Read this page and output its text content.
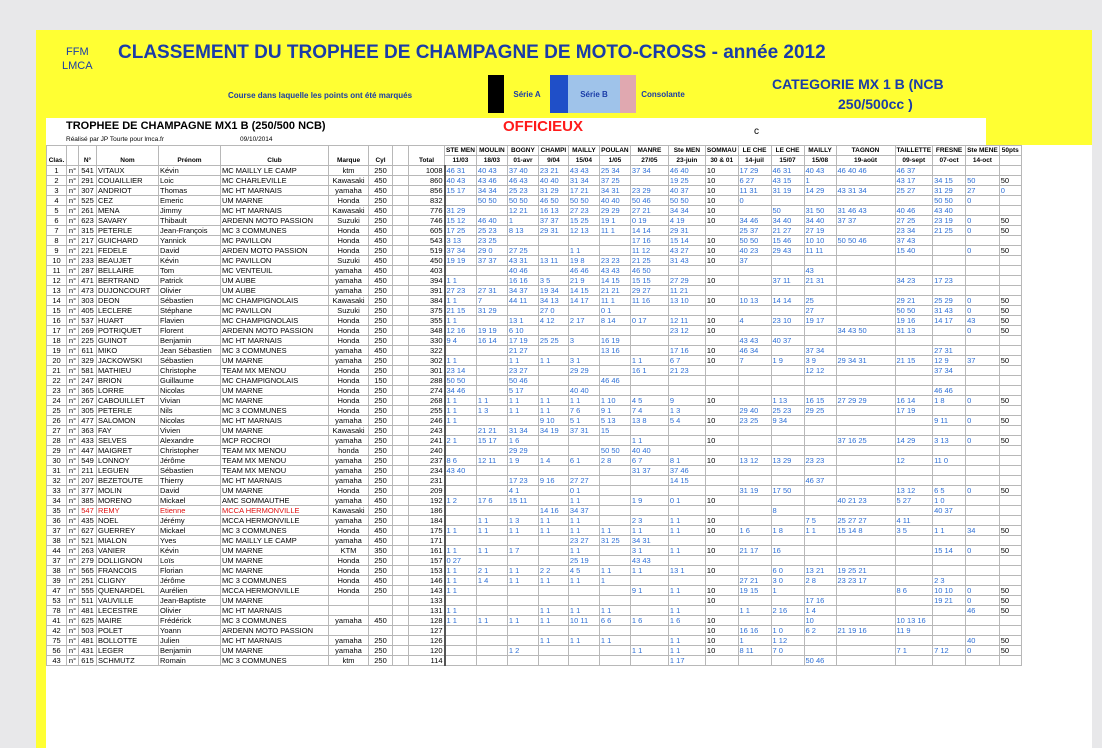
FFM
LMCA
CLASSEMENT DU TROPHEE DE CHAMPAGNE DE MOTO-CROSS - année 2012
Course dans laquelle les points ont été marqués	Série A	Série B	Consolante
CATEGORIE MX 1 B (NCB
250/500cc )
TROPHEE DE CHAMPAGNE MX1 B (250/500 NCB)
Réalisé par JP Tourte pour lmca.fr	09/10/2014
OFFICIEUX	c
Clas.		N°	Nom	Prénom	Club	Marque	Cyl		Total	STE MEN	MOULIN	BOGNY	CHAMPI	MAILLY	POULAN	MANRE	Ste MEN	SOMMAU	LE CHE	LE CHE	MAILLY	TAGNON	TAILLETTE	FRESNE	Ste MENE	50pts
										11/03	18/03	01-avr	9/04	15/04	1/05	27/05	23-juin	30 & 01	14-juil	15/07	15/08	19-août	09-sept	07-oct	14-oct	
1	n°	541	VITAUX	Kévin	MC MAILLY LE CAMP	ktm	250		1008	46 31	40 43	37 40	23 21	43 43	25 34	37 34	46 40	10	17 29	46 31	40 43	46 40 46	46 37			
2	n°	291	COUAILLIER	Loic	MC CHARLEVILLE	Kawasaki	450		860	40 43	43 46	46 43	40 40	31 34	37 25		19 25	10	6 27	43 15	1		43 17	34 15	50	50
3	n°	307	ANDRIOT	Thomas	MC HT MARNAIS	yamaha	450		856	15 17	34 34	25 23	31 29	17 21	34 31	23 29	40 37	10	11 31	31 19	14 29	43 31 34	25 27	31 29	27	0
4	n°	525	CEZ	Emeric	UM MARNE	Honda	250		832		50 50	50 50	46 50	50 50	40 40	50 46	50 50	10	0					50 50	0	
5	n°	261	MENA	Jimmy	MC HT MARNAIS	Kawasaki	450		776	31 29		12 21	16 13	27 23	29 29	27 21	34 34	10		50	31 50	31 46 43	40 46	43 40		
6	n°	623	SAVARY	Thibault	ARDENN MOTO PASSION	Suzuki	250		746	15 12	46 40	1	37 37	15 25	19 1	0 19	4 19	10	34 46	34 40	34 40	37 37	27 25	23 19	0	50
7	n°	315	PETERLE	Jean-François	MC 3 COMMUNES	Honda	450		605	17 25	25 23	8 13	29 31	12 13	11 1	14 14	29 31		25 37	21 27	27 19		23 34	21 25	0	50
8	n°	217	GUICHARD	Yannick	MC PAVILLON	Honda	450		543	3 13	23 25					17 16	15 14	10	50 50	15 46	10 10	50 50 46	37 43			
9	n°	221	FEDELE	David	ARDEN MOTO PASSION	Honda	250		519	37 34	29 0	27 25		1 1		11 12	43 27	10	40 23	29 43	11 11		15 40		0	50
10	n°	233	BEAUJET	Kévin	MC PAVILLON	Suzuki	450		450	19 19	37 37	43 31	13 11	19 8	23 23	21 25	31 43	10	37							
11	n°	287	BELLAIRE	Tom	MC VENTEUIL	yamaha	450		403			40 46		46 46	43 43	46 50					43					
12	n°	471	BERTRAND	Patrick	UM AUBE	yamaha	450		394	1 1		16 16	3 5	21 9	14 15	15 15	27 29	10		37 11	21 31		34 23	17 23		
13	n°	473	DUJONCOURT	Olivier	UM AUBE	yamaha	250		391	27 23	27 31	34 37	19 34	14 15	21 21	29 27	11 21									
14	n°	303	DEON	Sébastien	MC CHAMPIGNOLAIS	Kawasaki	250		384	1 1	7	44 11	34 13	14 17	11 1	11 16	13 10	10	10 13	14 14	25		29 21	25 29	0	50
15	n°	405	LECLERE	Stéphane	MC PAVILLON	Suzuki	250		375	21 15	31 29		27 0		0 1						27		50 50	31 43	0	50
16	n°	537	HUART	Flavien	MC CHAMPIGNOLAIS	Honda	250		355	1 1		13 1	4 12	2 17	8 14	0 17	12 11	10	4	23 10	19 17		19 16	14 17	43	50
17	n°	269	POTRIQUET	Florent	ARDENN MOTO PASSION	Honda	250		348	12 16	19 19	6 10					23 12	10				34 43 50	31 13		0	50
18	n°	225	GUINOT	Benjamin	MC HT MARNAIS	Honda	250		330	9 4	16 14	17 19	25 25	3	16 19				43 43	40 37						
19	n°	611	MIKO	Jean Sébastien	MC 3 COMMUNES	yamaha	450		322			21 27			13 16		17 16	10	46 34		37 34			27 31		
20	n°	329	JACKOWSKI	Sébastien	UM MARNE	yamaha	250		302	1 1		1 1	1 1	3 1		1 1	6 7	10	7	1 9	3 9	29 34 31	21 15	12 9	37	50
21	n°	581	MATHIEU	Christophe	TEAM MX MENOU	Honda	250		301	23 14		23 27		29 29		16 1	21 23				12 12			37 34		
22	n°	247	BRION	Guillaume	MC CHAMPIGNOLAIS	Honda	150		288	50 50		50 46			46 46											
23	n°	365	LORRE	Nicolas	UM MARNE	Honda	250		274	34 46		5 17		40 40										46 46		
24	n°	267	CABOUILLET	Vivian	MC MARNE	Honda	250		268	1 1	1 1	1 1	1 1	1 1	1 10	4 5	9	10		1 13	16 15	27 29 29	16 14	1 8	0	50
25	n°	305	PETERLE	Nils	MC 3 COMMUNES	Honda	250		255	1 1	1 3	1 1	1 1	7 6	9 1	7 4	1 3		29 40	25 23	29 25		17 19			
26	n°	477	SALOMON	Nicolas	MC HT MARNAIS	yamaha	250		246	1 1			9 10	5 1	5 13	13 8	5 4	10	23 25	9 34				9 11	0	50
27	n°	363	FAY	Vivien	UM MARNE	Kawasaki	250		243		21 21	31 34	34 19	37 31	15											
28	n°	433	SELVES	Alexandre	MCP ROCROI	yamaha	250		241	2 1	15 17	1 6				1 1		10				37 16 25	14 29	3 13	0	50
29	n°	447	MAIGRET	Christopher	TEAM MX MENOU	honda	250		240			29 29			50 50	40 40										
30	n°	549	LONNOY	Jérôme	TEAM MX MENOU	yamaha	250		237	8 6	12 11	1 9	1 4	6 1	2 8	6 7	8 1	10	13 12	13 29	23 23		12	11 0		
31	n°	211	LEGUEN	Sébastien	TEAM MX MENOU	yamaha	250		234	43 40						31 37	37 46									
32	n°	207	BEZETOUTE	Thierry	MC HT MARNAIS	yamaha	250		231			17 23	9 16	27 27			14 15				46 37					
33	n°	377	MOLIN	David	UM MARNE	Honda	250		209			4 1		0 1					31 19	17 50			13 12	6 5	0	50
34	n°	385	MORENO	Mickael	AMC SOMMAUTHE	yamaha	450		192	1 2	17 6	15 11		1 1		1 9	0 1	10				40 21 23	5 27	1 0		
35	n°	547	REMY	Etienne	MCCA HERMONVILLE	Kawasaki	250		186				14 16	34 37						8				40 37		
36	n°	435	NOEL	Jérémy	MCCA HERMONVILLE	yamaha	250		184		1 1	1 3	1 1	1 1		2 3	1 1	10			7 5	25 27 27	4 11			
37	n°	627	GUERREY	Mickael	MC 3 COMMUNES	Honda	450		175	1 1	1 1	1 1	1 1	1 1	1 1	1 1	1 1	10	1 6	1 8	1 1	15 14 8	3 5	1 1	34	50
38	n°	521	MIALON	Yves	MC MAILLY LE CAMP	yamaha	450		171					23 27	31 25	34 31										
44	n°	263	VANIER	Kévin	UM MARNE	KTM	350		161	1 1	1 1	1 7		1 1		3 1	1 1	10	21 17	16				15 14	0	50
37	n°	279	DOLLIGNON	Loïs	UM MARNE	Honda	250		157	0 27				25 19		43 43										
38	n°	565	FRANCOIS	Florian	MC MARNE	Honda	250		153	1 1	2 1	1 1	2 2	4 5	1 1	1 1	13 1	10		6 0	13 21	19 25 21				
39	n°	251	CLIGNY	Jérôme	MC 3 COMMUNES	Honda	450		146	1 1	1 4	1 1	1 1	1 1	1				27 21	3 0	2 8	23 23 17		2 3		
47	n°	555	QUENARDEL	Aurélien	MCCA HERMONVILLE	Honda	250		143	1 1						9 1	1 1	10	19 15	1			8 6	10 10	0	50
53	n°	511	VAUVILLE	Jean-Baptiste	UM MARNE				133									10			17 16			19 21	0	50
78	n°	481	LECESTRE	Olivier	MC HT MARNAIS				131	1 1			1 1	1 1	1 1		1 1		1 1	2 16	1 4				46	50
41	n°	625	MAIRE	Frédérick	MC 3 COMMUNES	yamaha	450		128	1 1	1 1	1 1	1 1	10 11	6 6	1 6	1 6	10			10		10 13 16			
42	n°	503	POLET	Yoann	ARDENN MOTO PASSION				127									10	16 16	1 0	6 2	21 19 16	11 9			
75	n°	481	BOLLOTTE	Julien	MC HT MARNAIS	yamaha	250		126				1 1	1 1	1 1		1 1	10	1	1 12					40	50
56	n°	431	LEGER	Benjamin	UM MARNE	yamaha	250		120			1 2				1 1	1 1	10	8 11	7 0			7 1	7 12	0	50
43	n°	615	SCHMUTZ	Romain	MC 3 COMMUNES	ktm	250		114								1 17				50 46					
